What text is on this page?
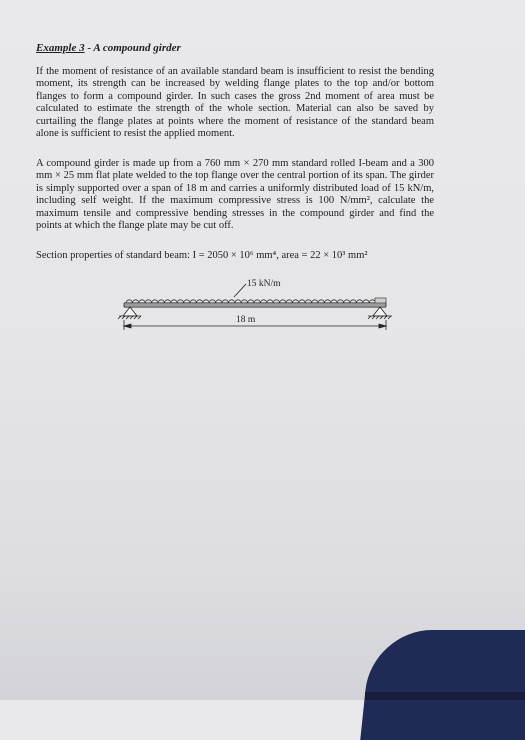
Example 3 - A compound girder
If the moment of resistance of an available standard beam is insufficient to resist the bending moment, its strength can be increased by welding flange plates to the top and/or bottom flanges to form a compound girder. In such cases the gross 2nd moment of area must be calculated to estimate the strength of the whole section. Material can also be saved by curtailing the flange plates at points where the moment of resistance of the standard beam alone is sufficient to resist the applied moment.
A compound girder is made up from a 760 mm × 270 mm standard rolled I-beam and a 300 mm × 25 mm flat plate welded to the top flange over the central portion of its span. The girder is simply supported over a span of 18 m and carries a uniformly distributed load of 15 kN/m, including self weight. If the maximum compressive stress is 100 N/mm², calculate the maximum tensile and compressive bending stresses in the compound girder and find the points at which the flange plate may be cut off.
Section properties of standard beam: I = 2050 × 10⁶ mm⁴, area = 22 × 10³ mm²
15 kN/m
18 m
